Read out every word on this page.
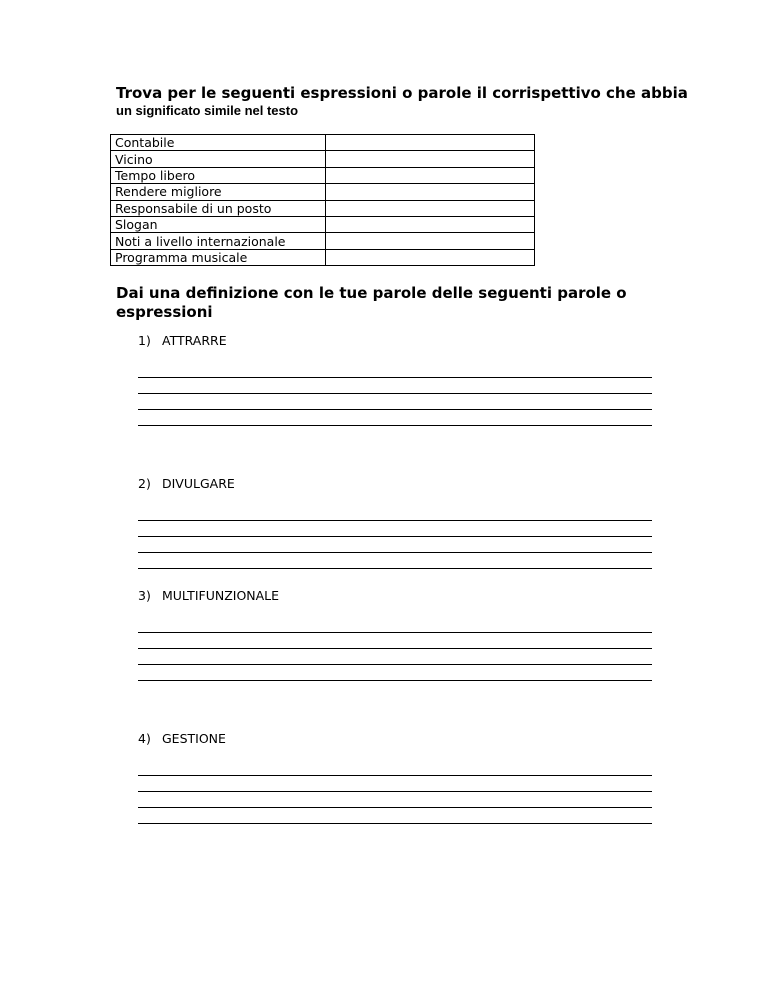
Trova per le seguenti espressioni o parole il corrispettivo che abbia
un significato simile nel testo
Contabile	
Vicino	
Tempo libero	
Rendere migliore	
Responsabile di un posto	
Slogan	
Noti a livello internazionale	
Programma musicale	
Dai una definizione con le tue parole delle seguenti parole o espressioni
1) ATTRARRE
2) DIVULGARE
3) MULTIFUNZIONALE
4) GESTIONE
